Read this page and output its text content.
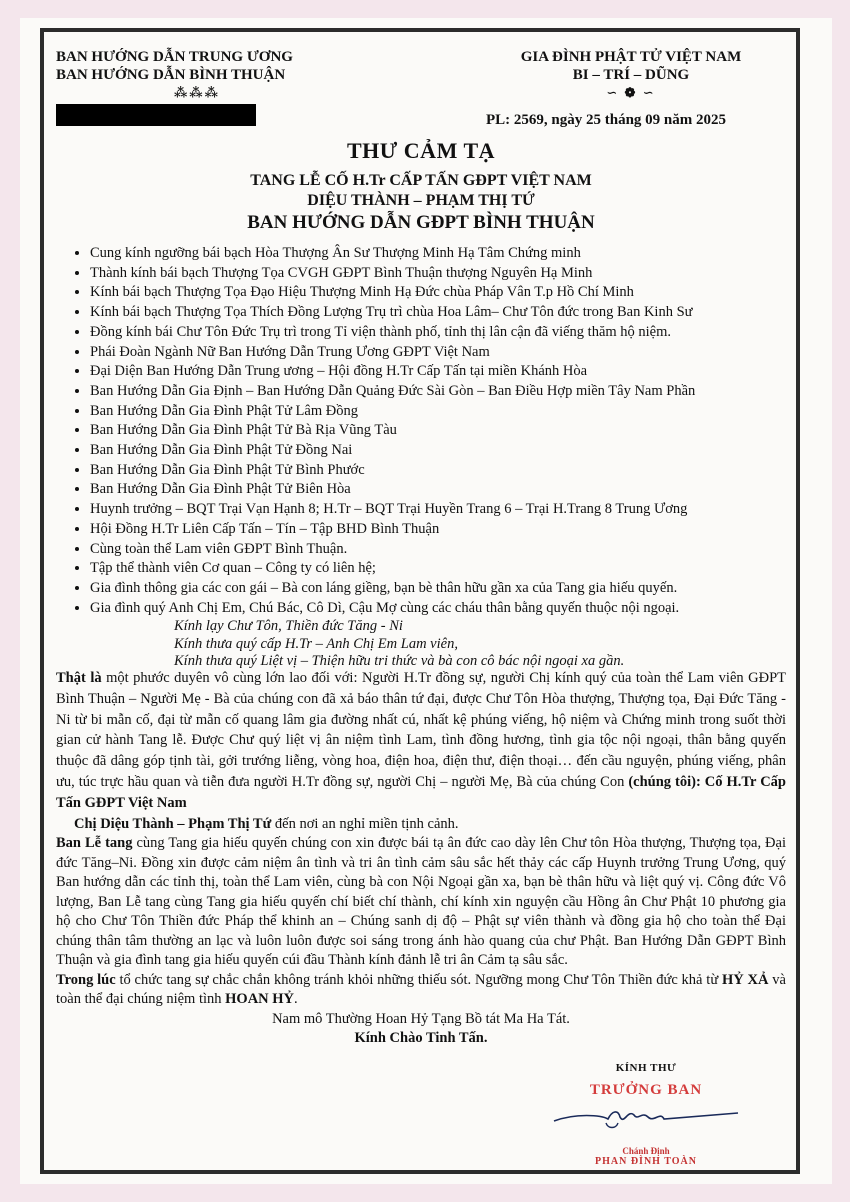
BAN HƯỚNG DẪN TRUNG ƯƠNG
BAN HƯỚNG DẪN BÌNH THUẬN
⁂⁂⁂
GIA ĐÌNH PHẬT TỬ VIỆT NAM
BI – TRÍ – DŨNG
∽ ❁ ∽
PL: 2569, ngày 25 tháng 09 năm 2025
THƯ CẢM TẠ
TANG LỄ CỐ H.Tr CẤP TẤN GĐPT VIỆT NAM
DIỆU THÀNH – PHẠM THỊ TỨ
BAN HƯỚNG DẪN GĐPT BÌNH THUẬN
• Cung kính ngưỡng bái bạch Hòa Thượng Ân Sư Thượng Minh Hạ Tâm Chứng minh
• Thành kính bái bạch Thượng Tọa CVGH GĐPT Bình Thuận thượng Nguyên Hạ Minh
• Kính bái bạch Thượng Tọa Đạo Hiệu Thượng Minh Hạ Đức chùa Pháp Vân T.p Hồ Chí Minh
• Kính bái bạch Thượng Tọa Thích Đồng Lượng Trụ trì chùa Hoa Lâm– Chư Tôn đức trong Ban Kinh Sư
• Đồng kính bái Chư Tôn Đức Trụ trì trong Tỉ viện thành phố, tỉnh thị lân cận đã viếng thăm hộ niệm.
• Phái Đoàn Ngành Nữ Ban Hướng Dẫn Trung Ương GĐPT Việt Nam
• Đại Diện Ban Hướng Dẫn Trung ương – Hội đồng H.Tr Cấp Tấn tại miền Khánh Hòa
• Ban Hướng Dẫn Gia Định – Ban Hướng Dẫn Quảng Đức Sài Gòn – Ban Điều Hợp miền Tây Nam Phần
• Ban Hướng Dẫn Gia Đình Phật Tử Lâm Đồng
• Ban Hướng Dẫn Gia Đình Phật Tử Bà Rịa Vũng Tàu
• Ban Hướng Dẫn Gia Đình Phật Tử Đồng Nai
• Ban Hướng Dẫn Gia Đình Phật Tử Bình Phước
• Ban Hướng Dẫn Gia Đình Phật Tử Biên Hòa
• Huynh trưởng – BQT Trại Vạn Hạnh 8; H.Tr – BQT Trại Huyền Trang 6 – Trại H.Trang 8 Trung Ương
• Hội Đồng H.Tr Liên Cấp Tấn – Tín – Tập BHD Bình Thuận
• Cùng toàn thể Lam viên GĐPT Bình Thuận.
• Tập thể thành viên Cơ quan – Công ty có liên hệ;
• Gia đình thông gia các con gái – Bà con láng giềng, bạn bè thân hữu gần xa của Tang gia hiếu quyến.
• Gia đình quý Anh Chị Em, Chú Bác, Cô Dì, Cậu Mợ cùng các cháu thân bằng quyến thuộc nội ngoại.
Kính lạy Chư Tôn, Thiền đức Tăng - Ni
Kính thưa quý cấp H.Tr – Anh Chị Em Lam viên,
Kính thưa quý Liệt vị – Thiện hữu tri thức và bà con cô bác nội ngoại xa gần.

Thật là một phước duyên vô cùng lớn lao đối với: Người H.Tr đồng sự, người Chị kính quý của toàn thể Lam viên GĐPT Bình Thuận – Người Mẹ - Bà của chúng con đã xả báo thân tứ đại, được Chư Tôn Hòa thượng, Thượng tọa, Đại Đức Tăng - Ni từ bi mẫn cố, đại từ mẫn cố quang lâm gia đường nhất cú, nhất kệ phúng viếng, hộ niệm và Chứng minh trong suốt thời gian cử hành Tang lễ. Được Chư quý liệt vị ân niệm tình Lam, tình đồng hương, tình gia tộc nội ngoại, thân bằng quyến thuộc đã dâng góp tịnh tài, gởi trướng liễng, vòng hoa, điện hoa, điện thư, điện thoại… đến cầu nguyện, phúng viếng, phân ưu, túc trực hầu quan và tiễn đưa người H.Tr đồng sự, người Chị – người Mẹ, Bà của chúng Con (chúng tôi): Cố H.Tr Cấp Tấn GĐPT Việt Nam

Chị Diệu Thành – Phạm Thị Tứ đến nơi an nghỉ miền tịnh cảnh.

Ban Lễ tang cùng Tang gia hiếu quyến chúng con xin được bái tạ ân đức cao dày lên Chư tôn Hòa thượng, Thượng tọa, Đại đức Tăng–Ni. Đồng xin được cảm niệm ân tình và tri ân tình cảm sâu sắc hết thảy các cấp Huynh trưởng Trung Ương, quý Ban hướng dẫn các tỉnh thị, toàn thể Lam viên, cùng bà con Nội Ngoại gần xa, bạn bè thân hữu và liệt quý vị. Công đức Vô lượng, Ban Lễ tang cùng Tang gia hiếu quyến chí biết chí thành, chí kính xin nguyện cầu Hồng ân Chư Phật 10 phương gia hộ cho Chư Tôn Thiền đức Pháp thể khinh an – Chúng sanh dị độ – Phật sự viên thành và đồng gia hộ cho toàn thể Đại chúng thân tâm thường an lạc và luôn luôn được soi sáng trong ánh hào quang của chư Phật. Ban Hướng Dẫn GĐPT Bình Thuận và gia đình tang gia hiếu quyến cúi đầu Thành kính đảnh lễ tri ân Cảm tạ sâu sắc.

Trong lúc tổ chức tang sự chắc chắn không tránh khỏi những thiếu sót. Ngưỡng mong Chư Tôn Thiền đức khả từ HỶ XẢ và toàn thể đại chúng niệm tình HOAN HỶ.

Nam mô Thường Hoan Hỷ Tạng Bồ tát Ma Ha Tát.

Kính Chào Tinh Tấn.

KÍNH THƯ
TRƯỞNG BAN
Chánh Định
PHAN ĐÌNH TOÀN
